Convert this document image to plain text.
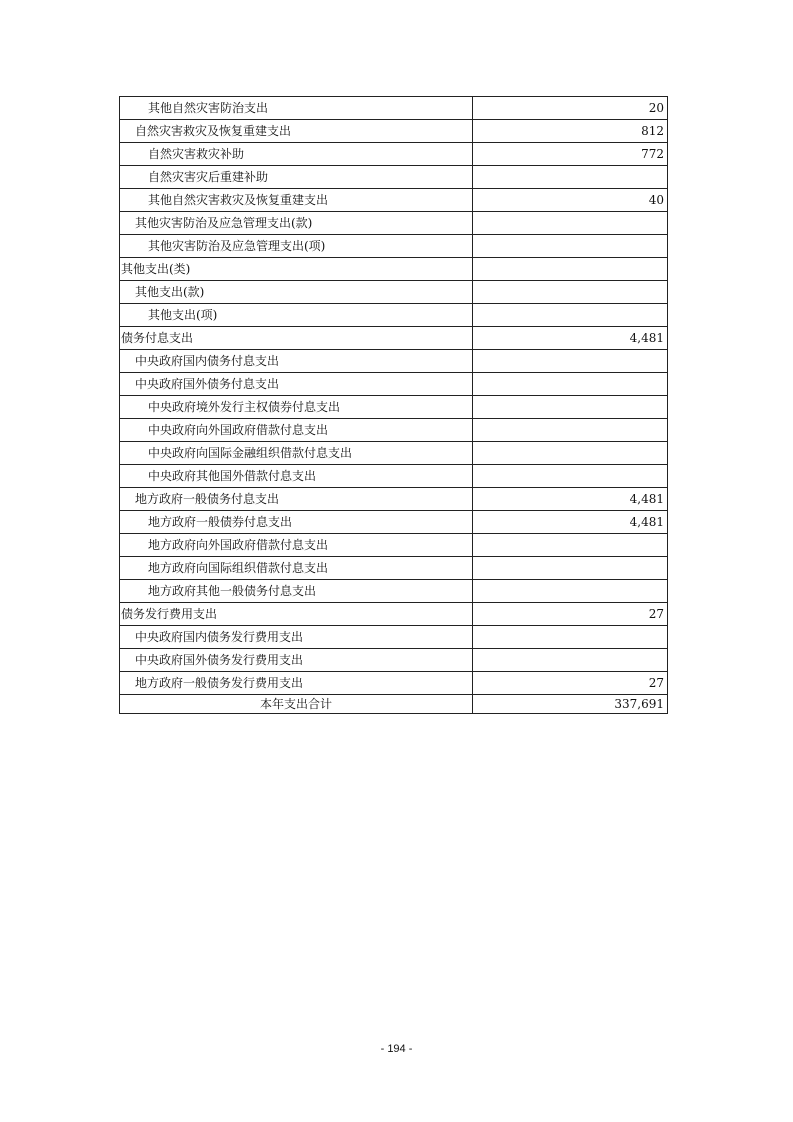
其他自然灾害防治支出	20
自然灾害救灾及恢复重建支出	812
自然灾害救灾补助	772
自然灾害灾后重建补助	
其他自然灾害救灾及恢复重建支出	40
其他灾害防治及应急管理支出(款)	
其他灾害防治及应急管理支出(项)	
其他支出(类)	
其他支出(款)	
其他支出(项)	
债务付息支出	4,481
中央政府国内债务付息支出	
中央政府国外债务付息支出	
中央政府境外发行主权债券付息支出	
中央政府向外国政府借款付息支出	
中央政府向国际金融组织借款付息支出	
中央政府其他国外借款付息支出	
地方政府一般债务付息支出	4,481
地方政府一般债券付息支出	4,481
地方政府向外国政府借款付息支出	
地方政府向国际组织借款付息支出	
地方政府其他一般债务付息支出	
债务发行费用支出	27
中央政府国内债务发行费用支出	
中央政府国外债务发行费用支出	
地方政府一般债务发行费用支出	27
本年支出合计	337,691
- 194 -
